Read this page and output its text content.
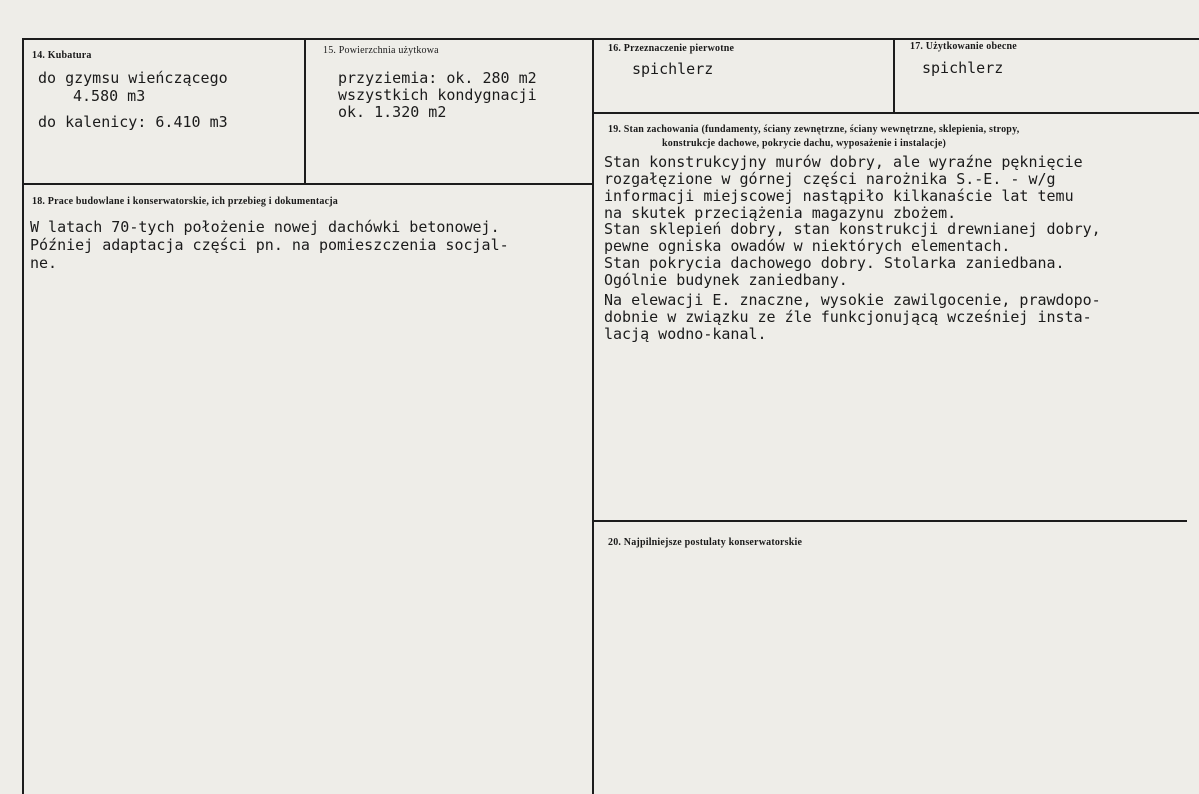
14. Kubatura
do gzymsu wieńczącego
4.580 m3
do kalenicy: 6.410 m3
15. Powierzchnia użytkowa
przyziemia: ok. 280 m2
wszystkich kondygnacji
ok. 1.320 m2
16. Przeznaczenie pierwotne
spichlerz
17. Użytkowanie obecne
spichlerz
18. Prace budowlane i konserwatorskie, ich przebieg i dokumentacja
W latach 70-tych położenie nowej dachówki betonowej.
Później adaptacja części pn. na pomieszczenia socjal-
ne.
19. Stan zachowania (fundamenty, ściany zewnętrzne, ściany wewnętrzne, sklepienia, stropy,
konstrukcje dachowe, pokrycie dachu, wyposażenie i instalacje)
Stan konstrukcyjny murów dobry, ale wyraźne pęknięcie
rozgałęzione w górnej części narożnika S.-E. - w/g
informacji miejscowej nastąpiło kilkanaście lat temu
na skutek przeciążenia magazynu zbożem.
Stan sklepień dobry, stan konstrukcji drewnianej dobry,
pewne ogniska owadów w niektórych elementach.
Stan pokrycia dachowego dobry. Stolarka zaniedbana.
Ogólnie budynek zaniedbany.
Na elewacji E. znaczne, wysokie zawilgocenie, prawdopo-
dobnie w związku ze źle funkcjonującą wcześniej insta-
lacją wodno-kanal.
20. Najpilniejsze postulaty konserwatorskie
